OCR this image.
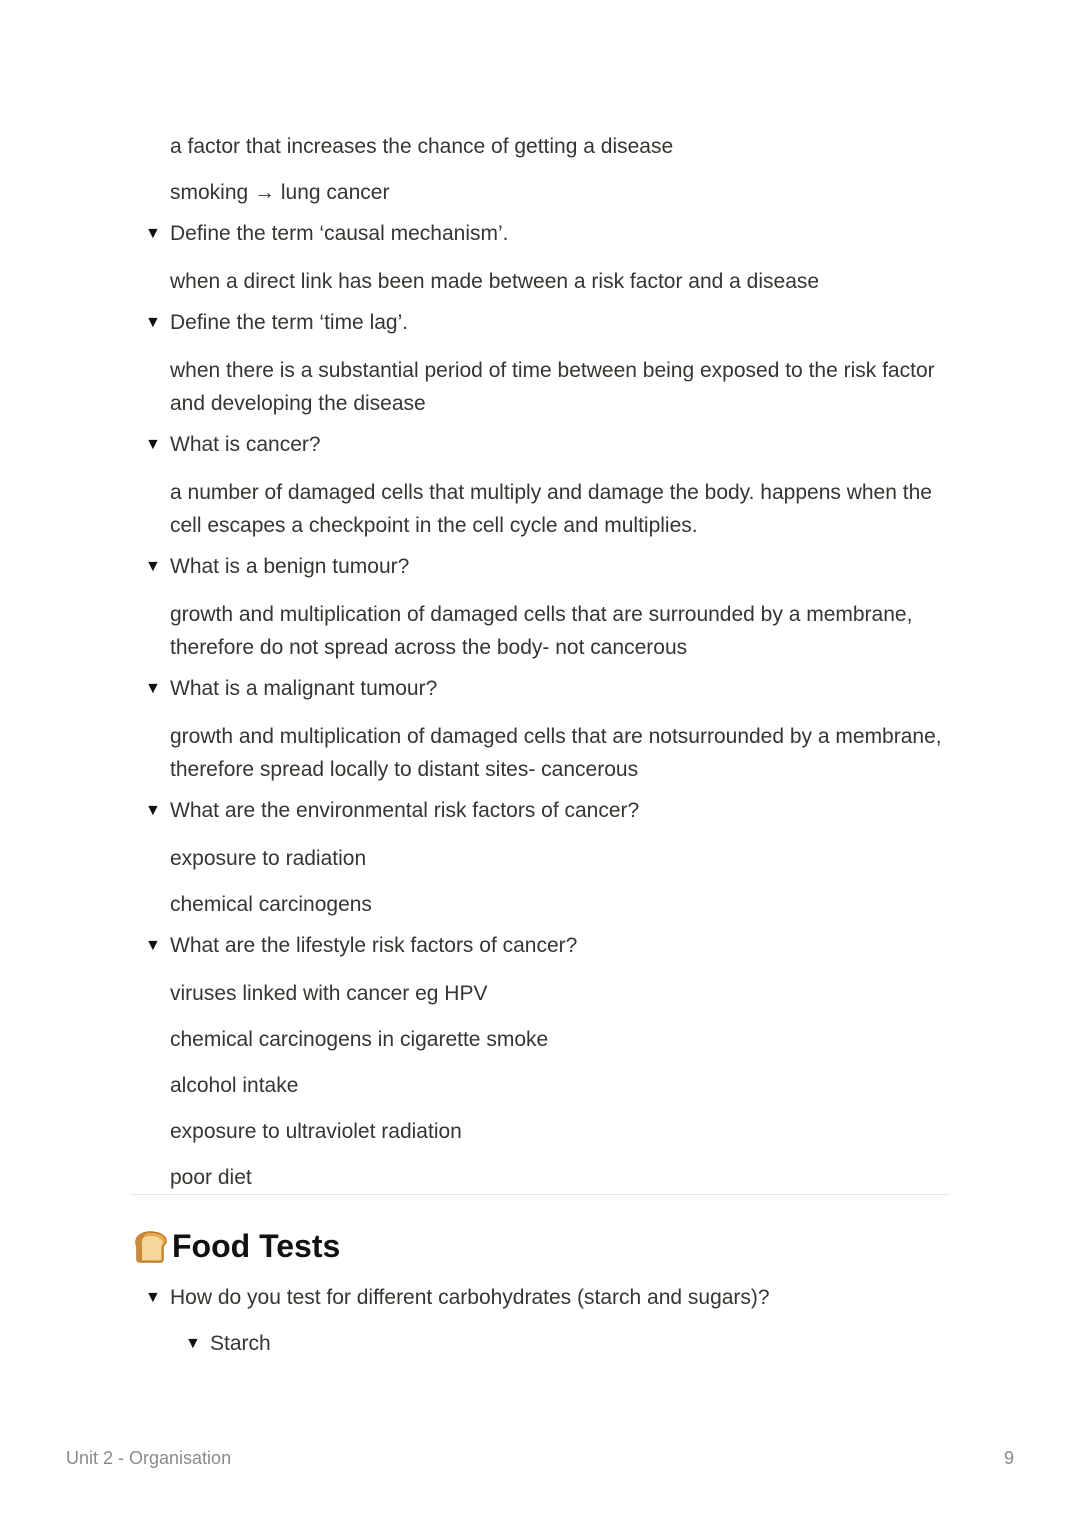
a factor that increases the chance of getting a disease
smoking → lung cancer
▼ Define the term ‘causal mechanism’.
when a direct link has been made between a risk factor and a disease
▼ Define the term ‘time lag’.
when there is a substantial period of time between being exposed to the risk factor and developing the disease
▼ What is cancer?
a number of damaged cells that multiply and damage the body. happens when the cell escapes a checkpoint in the cell cycle and multiplies.
▼ What is a benign tumour?
growth and multiplication of damaged cells that are surrounded by a membrane, therefore do not spread across the body- not cancerous
▼ What is a malignant tumour?
growth and multiplication of damaged cells that are notsurrounded by a membrane, therefore spread locally to distant sites- cancerous
▼ What are the environmental risk factors of cancer?
exposure to radiation
chemical carcinogens
▼ What are the lifestyle risk factors of cancer?
viruses linked with cancer eg HPV
chemical carcinogens in cigarette smoke
alcohol intake
exposure to ultraviolet radiation
poor diet
Food Tests
▼ How do you test for different carbohydrates (starch and sugars)?
▼ Starch
Unit 2 - Organisation	9
